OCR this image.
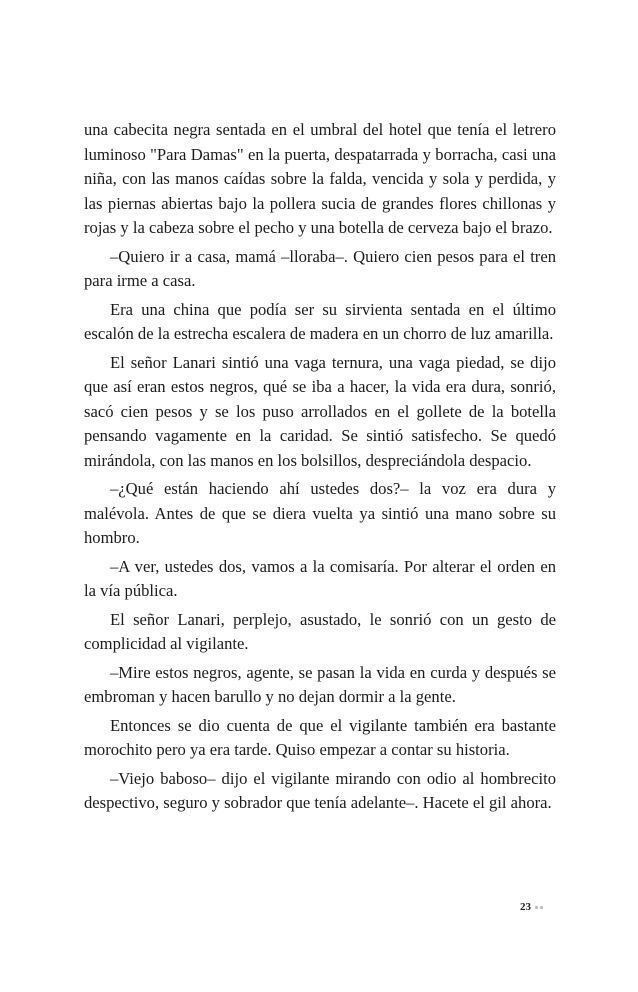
una cabecita negra sentada en el umbral del hotel que tenía el letrero luminoso "Para Damas" en la puerta, despatarrada y borracha, casi una niña, con las manos caídas sobre la falda, vencida y sola y perdida, y las piernas abiertas bajo la pollera sucia de grandes flores chillonas y rojas y la cabeza sobre el pecho y una botella de cerveza bajo el brazo.

–Quiero ir a casa, mamá –lloraba–. Quiero cien pesos para el tren para irme a casa.

Era una china que podía ser su sirvienta sentada en el último escalón de la estrecha escalera de madera en un chorro de luz amarilla.

El señor Lanari sintió una vaga ternura, una vaga piedad, se dijo que así eran estos negros, qué se iba a hacer, la vida era dura, sonrió, sacó cien pesos y se los puso arrollados en el gollete de la botella pensando vagamente en la caridad. Se sintió satisfecho. Se quedó mirándola, con las manos en los bolsillos, despreciándola despacio.

–¿Qué están haciendo ahí ustedes dos?– la voz era dura y malévola. Antes de que se diera vuelta ya sintió una mano sobre su hombro.

–A ver, ustedes dos, vamos a la comisaría. Por alterar el orden en la vía pública.

El señor Lanari, perplejo, asustado, le sonrió con un gesto de complicidad al vigilante.

–Mire estos negros, agente, se pasan la vida en curda y después se embroman y hacen barullo y no dejan dormir a la gente.

Entonces se dio cuenta de que el vigilante también era bastante morochito pero ya era tarde. Quiso empezar a contar su historia.

–Viejo baboso– dijo el vigilante mirando con odio al hombrecito despectivo, seguro y sobrador que tenía adelante–. Hacete el gil ahora.

23
